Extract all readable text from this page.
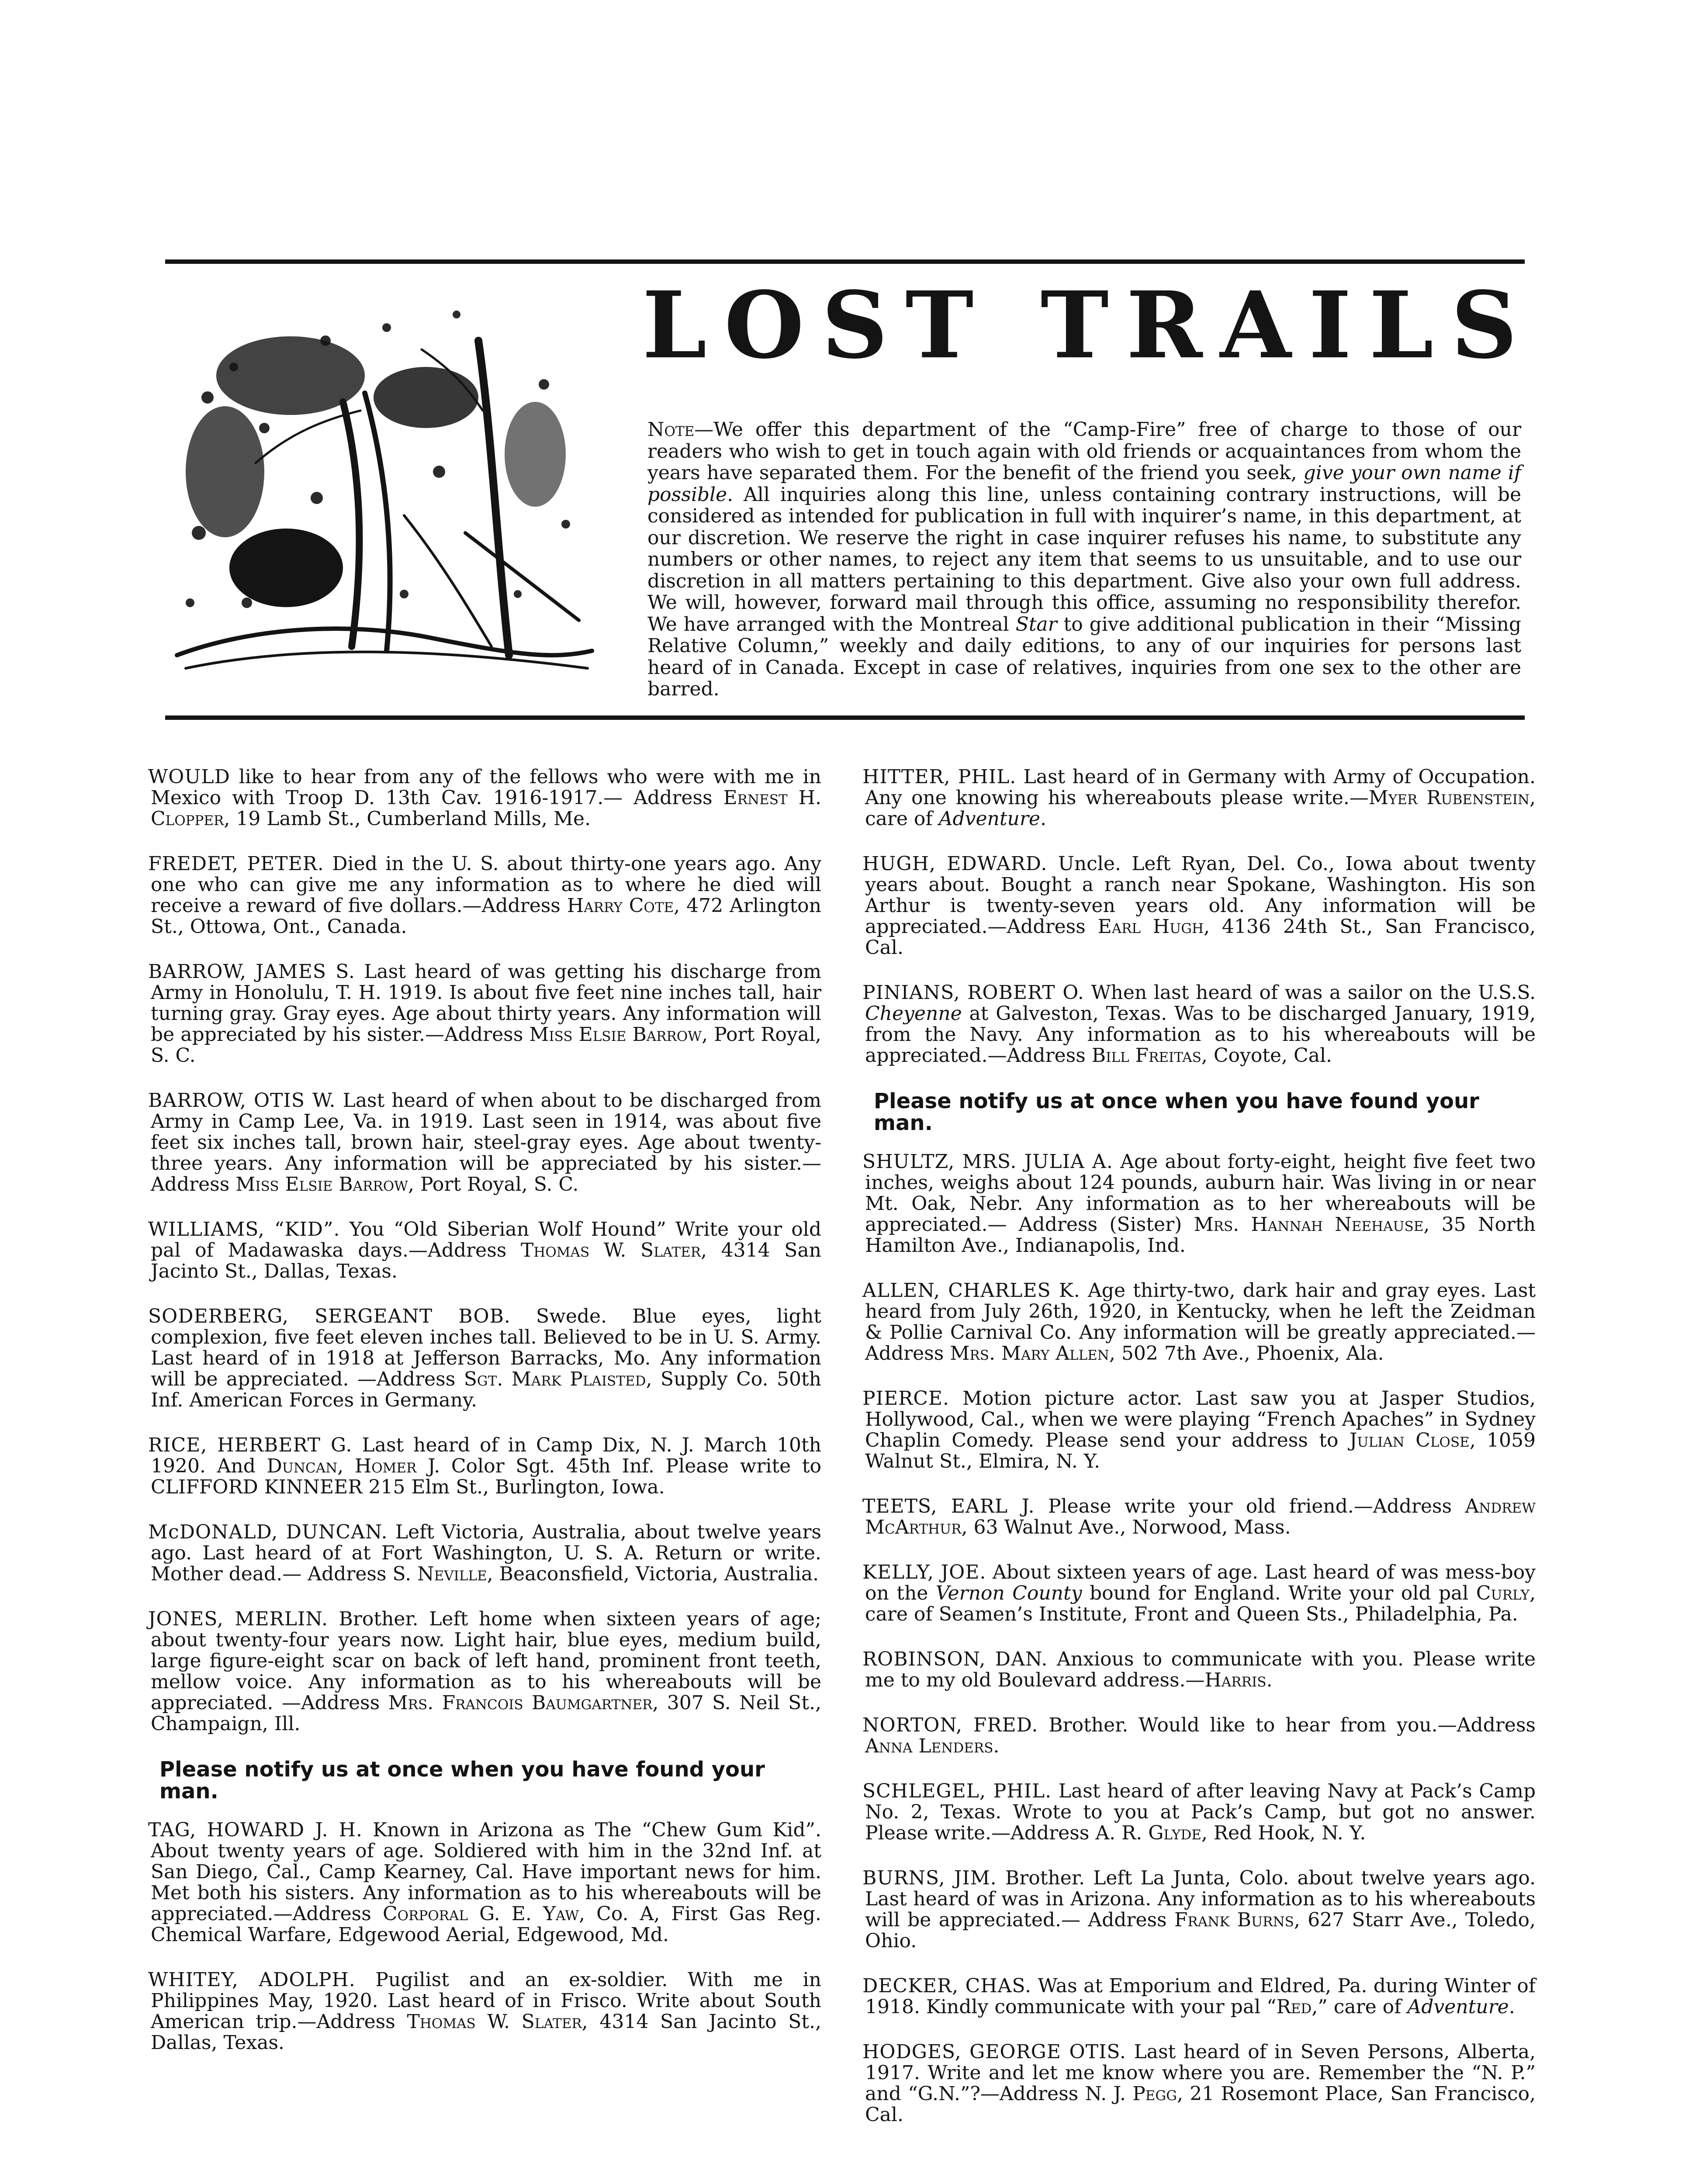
LOST TRAILS

Note—We offer this department of the “Camp-Fire” free of charge to those of our readers who wish to get in touch again with old friends or acquaintances from whom the years have separated them. For the benefit of the friend you seek, give your own name if possible. All inquiries along this line, unless containing contrary instructions, will be considered as intended for publication in full with inquirer’s name, in this department, at our discretion. We reserve the right in case inquirer refuses his name, to substitute any numbers or other names, to reject any item that seems to us unsuitable, and to use our discretion in all matters pertaining to this department. Give also your own full address. We will, however, forward mail through this office, assuming no responsibility therefor. We have arranged with the Montreal Star to give additional publication in their “Missing Relative Column,” weekly and daily editions, to any of our inquiries for persons last heard of in Canada. Except in case of relatives, inquiries from one sex to the other are barred.

WOULD like to hear from any of the fellows who were with me in Mexico with Troop D. 13th Cav. 1916-1917.— Address Ernest H. Clopper, 19 Lamb St., Cumberland Mills, Me.

FREDET, PETER. Died in the U. S. about thirty-one years ago. Any one who can give me any information as to where he died will receive a reward of five dollars.—Address Harry Cote, 472 Arlington St., Ottowa, Ont., Canada.

BARROW, JAMES S. Last heard of was getting his discharge from Army in Honolulu, T. H. 1919. Is about five feet nine inches tall, hair turning gray. Gray eyes. Age about thirty years. Any information will be appreciated by his sister.—Address Miss Elsie Barrow, Port Royal, S. C.

BARROW, OTIS W. Last heard of when about to be discharged from Army in Camp Lee, Va. in 1919. Last seen in 1914, was about five feet six inches tall, brown hair, steel-gray eyes. Age about twenty-three years. Any information will be appreciated by his sister.—Address Miss Elsie Barrow, Port Royal, S. C.

WILLIAMS, “KID”. You “Old Siberian Wolf Hound” Write your old pal of Madawaska days.—Address Thomas W. Slater, 4314 San Jacinto St., Dallas, Texas.

SODERBERG, SERGEANT BOB. Swede. Blue eyes, light complexion, five feet eleven inches tall. Believed to be in U. S. Army. Last heard of in 1918 at Jefferson Barracks, Mo. Any information will be appreciated. —Address Sgt. Mark Plaisted, Supply Co. 50th Inf. American Forces in Germany.

RICE, HERBERT G. Last heard of in Camp Dix, N. J. March 10th 1920. And Duncan, Homer J. Color Sgt. 45th Inf. Please write to CLIFFORD KINNEER 215 Elm St., Burlington, Iowa.

McDONALD, DUNCAN. Left Victoria, Australia, about twelve years ago. Last heard of at Fort Washington, U. S. A. Return or write. Mother dead.— Address S. Neville, Beaconsfield, Victoria, Australia.

JONES, MERLIN. Brother. Left home when sixteen years of age; about twenty-four years now. Light hair, blue eyes, medium build, large figure-eight scar on back of left hand, prominent front teeth, mellow voice. Any information as to his whereabouts will be appreciated. —Address Mrs. Francois Baumgartner, 307 S. Neil St., Champaign, Ill.

Please notify us at once when you have found your man.

TAG, HOWARD J. H. Known in Arizona as The “Chew Gum Kid”. About twenty years of age. Soldiered with him in the 32nd Inf. at San Diego, Cal., Camp Kearney, Cal. Have important news for him. Met both his sisters. Any information as to his whereabouts will be appreciated.—Address Corporal G. E. Yaw, Co. A, First Gas Reg. Chemical Warfare, Edgewood Aerial, Edgewood, Md.

WHITEY, ADOLPH. Pugilist and an ex-soldier. With me in Philippines May, 1920. Last heard of in Frisco. Write about South American trip.—Address Thomas W. Slater, 4314 San Jacinto St., Dallas, Texas.

HITTER, PHIL. Last heard of in Germany with Army of Occupation. Any one knowing his whereabouts please write.—Myer Rubenstein, care of Adventure.

HUGH, EDWARD. Uncle. Left Ryan, Del. Co., Iowa about twenty years about. Bought a ranch near Spokane, Washington. His son Arthur is twenty-seven years old. Any information will be appreciated.—Address Earl Hugh, 4136 24th St., San Francisco, Cal.

PINIANS, ROBERT O. When last heard of was a sailor on the U.S.S. Cheyenne at Galveston, Texas. Was to be discharged January, 1919, from the Navy. Any information as to his whereabouts will be appreciated.—Address Bill Freitas, Coyote, Cal.

Please notify us at once when you have found your man.

SHULTZ, MRS. JULIA A. Age about forty-eight, height five feet two inches, weighs about 124 pounds, auburn hair. Was living in or near Mt. Oak, Nebr. Any information as to her whereabouts will be appreciated.— Address (Sister) Mrs. Hannah Neehause, 35 North Hamilton Ave., Indianapolis, Ind.

ALLEN, CHARLES K. Age thirty-two, dark hair and gray eyes. Last heard from July 26th, 1920, in Kentucky, when he left the Zeidman & Pollie Carnival Co. Any information will be greatly appreciated.—Address Mrs. Mary Allen, 502 7th Ave., Phoenix, Ala.

PIERCE. Motion picture actor. Last saw you at Jasper Studios, Hollywood, Cal., when we were playing “French Apaches” in Sydney Chaplin Comedy. Please send your address to Julian Close, 1059 Walnut St., Elmira, N. Y.

TEETS, EARL J. Please write your old friend.—Address Andrew McArthur, 63 Walnut Ave., Norwood, Mass.

KELLY, JOE. About sixteen years of age. Last heard of was mess-boy on the Vernon County bound for England. Write your old pal Curly, care of Seamen’s Institute, Front and Queen Sts., Philadelphia, Pa.

ROBINSON, DAN. Anxious to communicate with you. Please write me to my old Boulevard address.—Harris.

NORTON, FRED. Brother. Would like to hear from you.—Address Anna Lenders.

SCHLEGEL, PHIL. Last heard of after leaving Navy at Pack’s Camp No. 2, Texas. Wrote to you at Pack’s Camp, but got no answer. Please write.—Address A. R. Glyde, Red Hook, N. Y.

BURNS, JIM. Brother. Left La Junta, Colo. about twelve years ago. Last heard of was in Arizona. Any information as to his whereabouts will be appreciated.— Address Frank Burns, 627 Starr Ave., Toledo, Ohio.

DECKER, CHAS. Was at Emporium and Eldred, Pa. during Winter of 1918. Kindly communicate with your pal “Red,” care of Adventure.

HODGES, GEORGE OTIS. Last heard of in Seven Persons, Alberta, 1917. Write and let me know where you are. Remember the “N. P.” and “G.N.”?—Address N. J. Pegg, 21 Rosemont Place, San Francisco, Cal.
